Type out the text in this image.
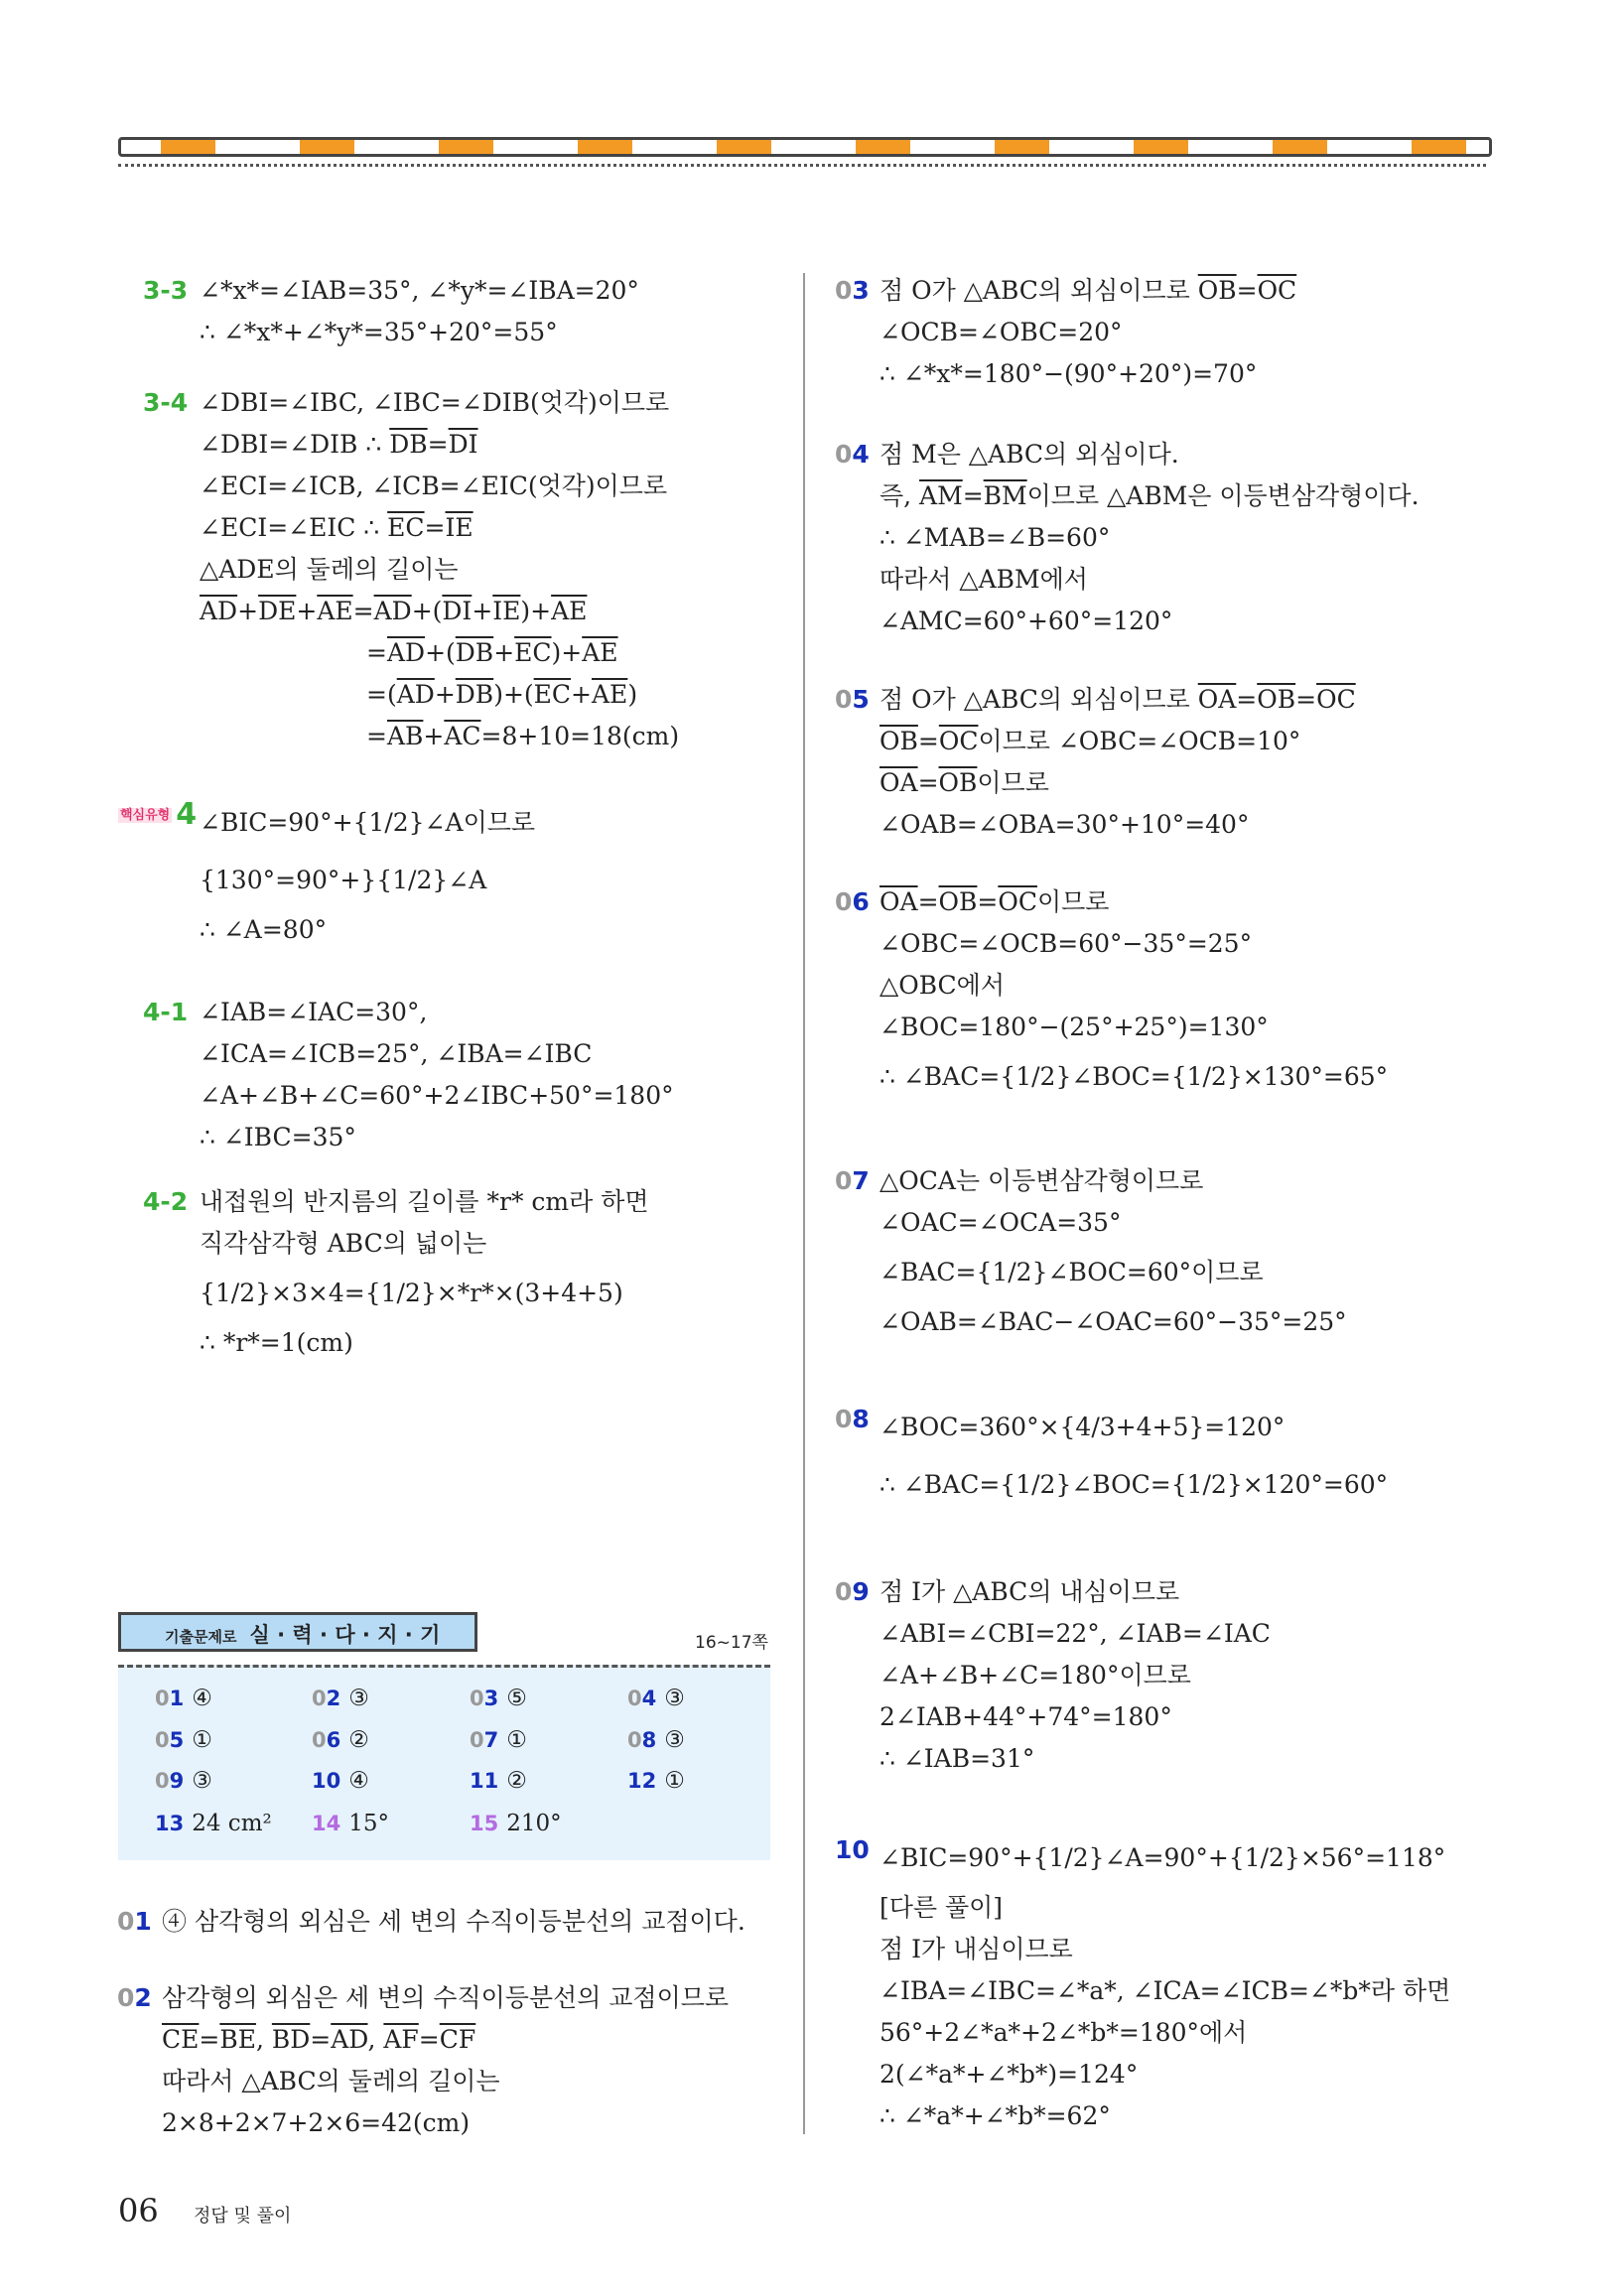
3-3 ∠*x*=∠IAB=35°, ∠*y*=∠IBA=20°
∴ ∠*x*+∠*y*=35°+20°=55°
3-4 ∠DBI=∠IBC, ∠IBC=∠DIB(엇각)이므로
∠DBI=∠DIB ∴ $\overline{DB}=\overline{DI}$
∠ECI=∠ICB, ∠ICB=∠EIC(엇각)이므로
∠ECI=∠EIC ∴ $\overline{EC}=\overline{IE}$
△ADE의 둘레의 길이는
$\overline{AD}+\overline{DE}+\overline{AE}=\overline{AD}+(\overline{DI}+\overline{IE})+\overline{AE}$
$=\overline{AD}+(\overline{DB}+\overline{EC})+\overline{AE}$
$=(\overline{AD}+\overline{DB})+(\overline{EC}+\overline{AE})$
$=\overline{AB}+\overline{AC}=8+10=18(cm)$
핵심유형 4 ∠BIC=90°+{1/2}∠A이므로
{130°=90°+}{1/2}∠A
∴ ∠A=80°
4-1 ∠IAB=∠IAC=30°,
∠ICA=∠ICB=25°, ∠IBA=∠IBC
∠A+∠B+∠C=60°+2∠IBC+50°=180°
∴ ∠IBC=35°
4-2 내접원의 반지름의 길이를 *r* cm라 하면
직각삼각형 ABC의 넓이는
{1/2}×3×4={1/2}×*r*×(3+4+5)
∴ *r*=1(cm)
03 점 O가 △ABC의 외심이므로 $\overline{OB}=\overline{OC}$
∠OCB=∠OBC=20°
∴ ∠*x*=180°−(90°+20°)=70°
04 점 M은 △ABC의 외심이다.
즉, $\overline{AM}=\overline{BM}$이므로 △ABM은 이등변삼각형이다.
∴ ∠MAB=∠B=60°
따라서 △ABM에서
∠AMC=60°+60°=120°
05 점 O가 △ABC의 외심이므로 $\overline{OA}=\overline{OB}=\overline{OC}$
$\overline{OB}=\overline{OC}$이므로 ∠OBC=∠OCB=10°
$\overline{OA}=\overline{OB}$이므로
∠OAB=∠OBA=30°+10°=40°
06 $\overline{OA}=\overline{OB}=\overline{OC}$이므로
∠OBC=∠OCB=60°−35°=25°
△OBC에서
∠BOC=180°−(25°+25°)=130°
∴ ∠BAC={1/2}∠BOC={1/2}×130°=65°
07 △OCA는 이등변삼각형이므로
∠OAC=∠OCA=35°
∠BAC={1/2}∠BOC=60°이므로
∠OAB=∠BAC−∠OAC=60°−35°=25°
08 ∠BOC=360°×{4/3+4+5}=120°
∴ ∠BAC={1/2}∠BOC={1/2}×120°=60°
09 점 I가 △ABC의 내심이므로
∠ABI=∠CBI=22°, ∠IAB=∠IAC
∠A+∠B+∠C=180°이므로
2∠IAB+44°+74°=180°
∴ ∠IAB=31°
10 ∠BIC=90°+{1/2}∠A=90°+{1/2}×56°=118°
[다른 풀이]
점 I가 내심이므로
∠IBA=∠IBC=∠*a*, ∠ICA=∠ICB=∠*b*라 하면
56°+2∠*a*+2∠*b*=180°에서
2(∠*a*+∠*b*)=124°
∴ ∠*a*+∠*b*=62°
기출문제로 실 · 력 · 다 · 지 · 기	16~17쪽
01 ④	02 ③	03 ⑤	04 ③
05 ①	06 ②	07 ①	08 ③
09 ③	10 ④	11 ②	12 ①
13 24 cm² 14 15°	15 210°
01 ④ 삼각형의 외심은 세 변의 수직이등분선의 교점이다.
02 삼각형의 외심은 세 변의 수직이등분선의 교점이므로
$\overline{CE}=\overline{BE}$, $\overline{BD}=\overline{AD}$, $\overline{AF}=\overline{CF}$
따라서 △ABC의 둘레의 길이는
2×8+2×7+2×6=42(cm)
06 정답 및 풀이
